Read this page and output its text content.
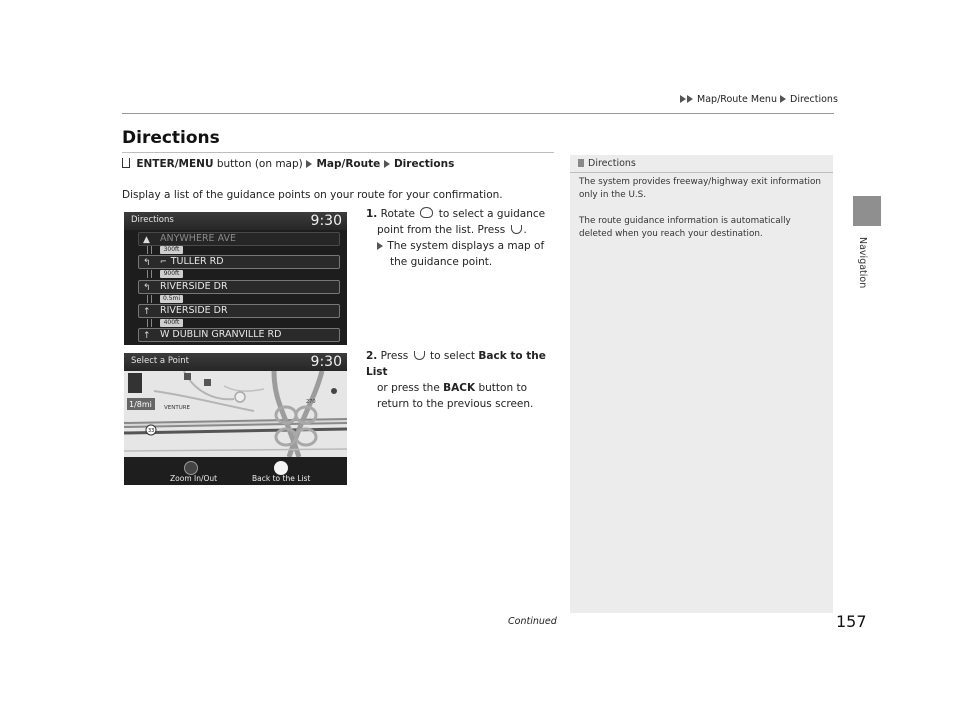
Map/Route Menu Directions
Directions
ENTER/MENU button (on map) Map/Route Directions
Display a list of the guidance points on your route for your confirmation.
1. Rotate to select a guidance
point from the list. Press .
The system displays a map of
the guidance point.
2. Press to select Back to the List
or press the BACK button to
return to the previous screen.
Directions	9:30
▲ ANYWHERE AVE
300ft
↰ ⌐ TULLER RD
900ft
↰ RIVERSIDE DR
0.5mi
↑ RIVERSIDE DR
400ft
↑ W DUBLIN GRANVILLE RD
Select a Point	9:30
1/8mi VENTURE
33
270
Zoom In/Out	Back to the List
Directions
The system provides freeway/highway exit information only in the U.S.
The route guidance information is automatically deleted when you reach your destination.
Navigation
157
Continued
